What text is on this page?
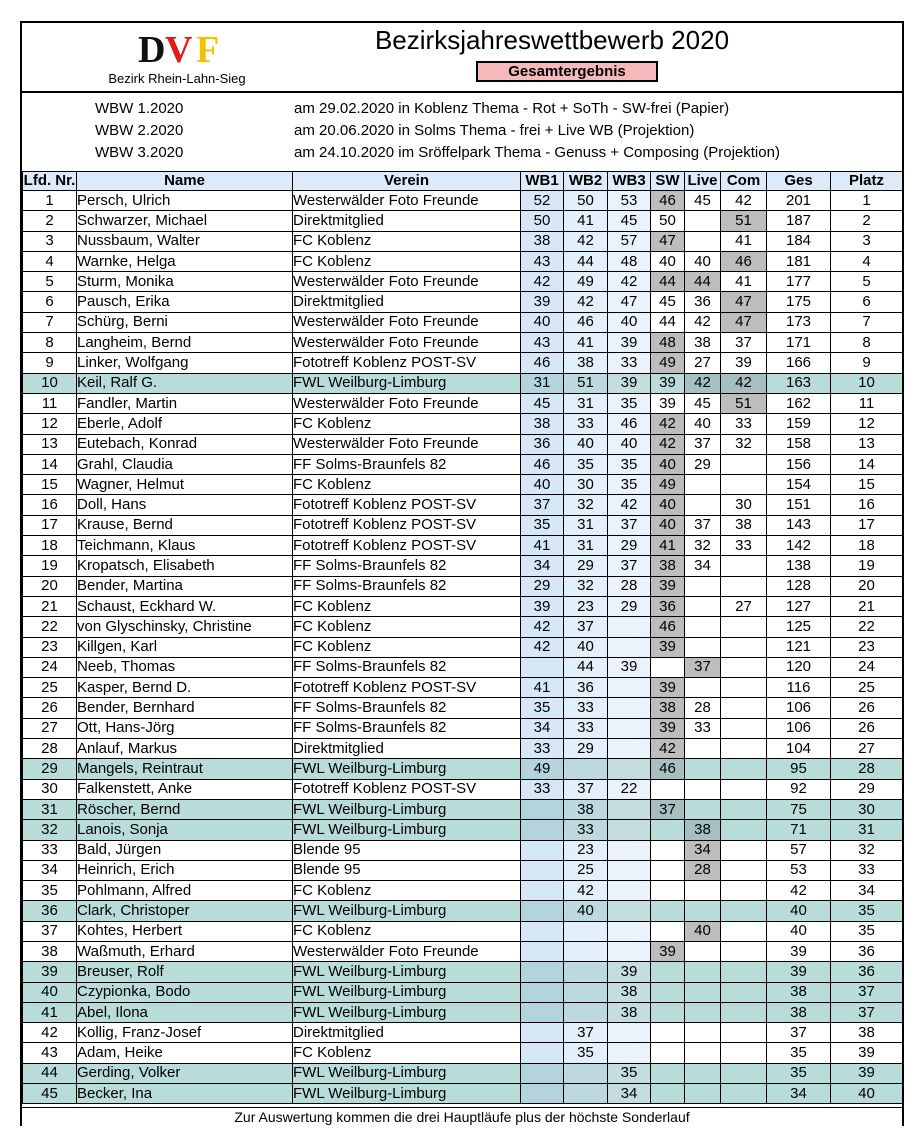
D V F
Bezirk Rhein-Lahn-Sieg
Bezirksjahreswettbewerb 2020
Gesamtergebnis
WBW 1.2020	am 29.02.2020 in Koblenz Thema - Rot + SoTh - SW-frei (Papier)
WBW 2.2020	am 20.06.2020 in Solms Thema - frei + Live WB (Projektion)
WBW 3.2020	am 24.10.2020 im Sröffelpark Thema - Genuss + Composing (Projektion)
Lfd. Nr.	Name	Verein	WB1	WB2	WB3	SW	Live	Com	Ges	Platz
1	Persch, Ulrich	Westerwälder Foto Freunde	52	50	53	46	45	42	201	1
2	Schwarzer, Michael	Direktmitglied	50	41	45	50		51	187	2
3	Nussbaum, Walter	FC Koblenz	38	42	57	47		41	184	3
4	Warnke, Helga	FC Koblenz	43	44	48	40	40	46	181	4
5	Sturm, Monika	Westerwälder Foto Freunde	42	49	42	44	44	41	177	5
6	Pausch, Erika	Direktmitglied	39	42	47	45	36	47	175	6
7	Schürg, Berni	Westerwälder Foto Freunde	40	46	40	44	42	47	173	7
8	Langheim, Bernd	Westerwälder Foto Freunde	43	41	39	48	38	37	171	8
9	Linker, Wolfgang	Fototreff Koblenz POST-SV	46	38	33	49	27	39	166	9
10	Keil, Ralf G.	FWL Weilburg-Limburg	31	51	39	39	42	42	163	10
11	Fandler, Martin	Westerwälder Foto Freunde	45	31	35	39	45	51	162	11
12	Eberle, Adolf	FC Koblenz	38	33	46	42	40	33	159	12
13	Eutebach, Konrad	Westerwälder Foto Freunde	36	40	40	42	37	32	158	13
14	Grahl, Claudia	FF Solms-Braunfels 82	46	35	35	40	29		156	14
15	Wagner, Helmut	FC Koblenz	40	30	35	49			154	15
16	Doll, Hans	Fototreff Koblenz POST-SV	37	32	42	40		30	151	16
17	Krause, Bernd	Fototreff Koblenz POST-SV	35	31	37	40	37	38	143	17
18	Teichmann, Klaus	Fototreff Koblenz POST-SV	41	31	29	41	32	33	142	18
19	Kropatsch, Elisabeth	FF Solms-Braunfels 82	34	29	37	38	34		138	19
20	Bender, Martina	FF Solms-Braunfels 82	29	32	28	39			128	20
21	Schaust, Eckhard W.	FC Koblenz	39	23	29	36		27	127	21
22	von Glyschinsky, Christine	FC Koblenz	42	37		46			125	22
23	Killgen, Karl	FC Koblenz	42	40		39			121	23
24	Neeb, Thomas	FF Solms-Braunfels 82		44	39		37		120	24
25	Kasper, Bernd D.	Fototreff Koblenz POST-SV	41	36		39			116	25
26	Bender, Bernhard	FF Solms-Braunfels 82	35	33		38	28		106	26
27	Ott, Hans-Jörg	FF Solms-Braunfels 82	34	33		39	33		106	26
28	Anlauf, Markus	Direktmitglied	33	29		42			104	27
29	Mangels, Reintraut	FWL Weilburg-Limburg	49			46			95	28
30	Falkenstett, Anke	Fototreff Koblenz POST-SV	33	37	22				92	29
31	Röscher, Bernd	FWL Weilburg-Limburg		38		37			75	30
32	Lanois, Sonja	FWL Weilburg-Limburg		33			38		71	31
33	Bald, Jürgen	Blende 95		23			34		57	32
34	Heinrich, Erich	Blende 95		25			28		53	33
35	Pohlmann, Alfred	FC Koblenz		42					42	34
36	Clark, Christoper	FWL Weilburg-Limburg		40					40	35
37	Kohtes, Herbert	FC Koblenz					40		40	35
38	Waßmuth, Erhard	Westerwälder Foto Freunde				39			39	36
39	Breuser, Rolf	FWL Weilburg-Limburg			39				39	36
40	Czypionka, Bodo	FWL Weilburg-Limburg			38				38	37
41	Abel, Ilona	FWL Weilburg-Limburg			38				38	37
42	Kollig, Franz-Josef	Direktmitglied		37					37	38
43	Adam, Heike	FC Koblenz		35					35	39
44	Gerding, Volker	FWL Weilburg-Limburg			35				35	39
45	Becker, Ina	FWL Weilburg-Limburg			34				34	40
Zur Auswertung kommen die drei Hauptläufe plus der höchste Sonderlauf
